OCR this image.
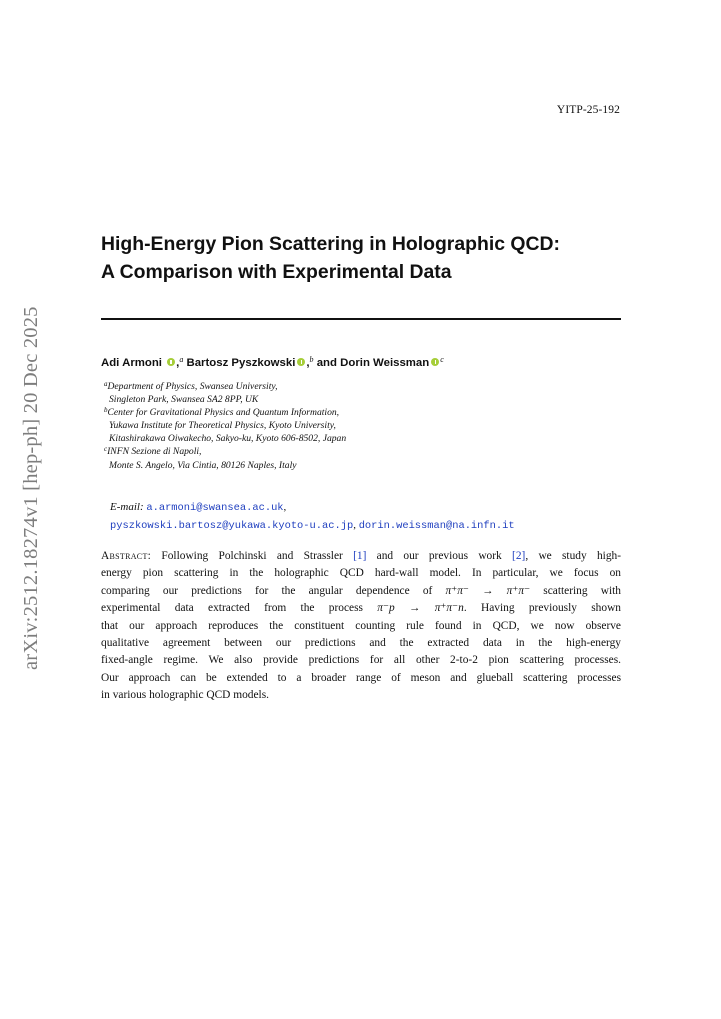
YITP-25-192
arXiv:2512.18274v1 [hep-ph] 20 Dec 2025
High-Energy Pion Scattering in Holographic QCD:
A Comparison with Experimental Data
Adi Armoni ,$^a$ Bartosz Pyszkowski ,$^b$ and Dorin Weissman $^c$
$^a$Department of Physics, Swansea University,
Singleton Park, Swansea SA2 8PP, UK
$^b$Center for Gravitational Physics and Quantum Information,
Yukawa Institute for Theoretical Physics, Kyoto University,
Kitashirakawa Oiwakecho, Sakyo-ku, Kyoto 606-8502, Japan
$^c$INFN Sezione di Napoli,
Monte S. Angelo, Via Cintia, 80126 Naples, Italy
E-mail: a.armoni@swansea.ac.uk,
pyszkowski.bartosz@yukawa.kyoto-u.ac.jp, dorin.weissman@na.infn.it
Abstract: Following Polchinski and Strassler [1] and our previous work [2], we study high-
energy pion scattering in the holographic QCD hard-wall model. In particular, we focus on
comparing our predictions for the angular dependence of π⁺π⁻ → π⁺π⁻ scattering with
experimental data extracted from the process π⁻p → π⁺π⁻n. Having previously shown
that our approach reproduces the constituent counting rule found in QCD, we now observe
qualitative agreement between our predictions and the extracted data in the high-energy
fixed-angle regime. We also provide predictions for all other 2-to-2 pion scattering processes.
Our approach can be extended to a broader range of meson and glueball scattering processes
in various holographic QCD models.
